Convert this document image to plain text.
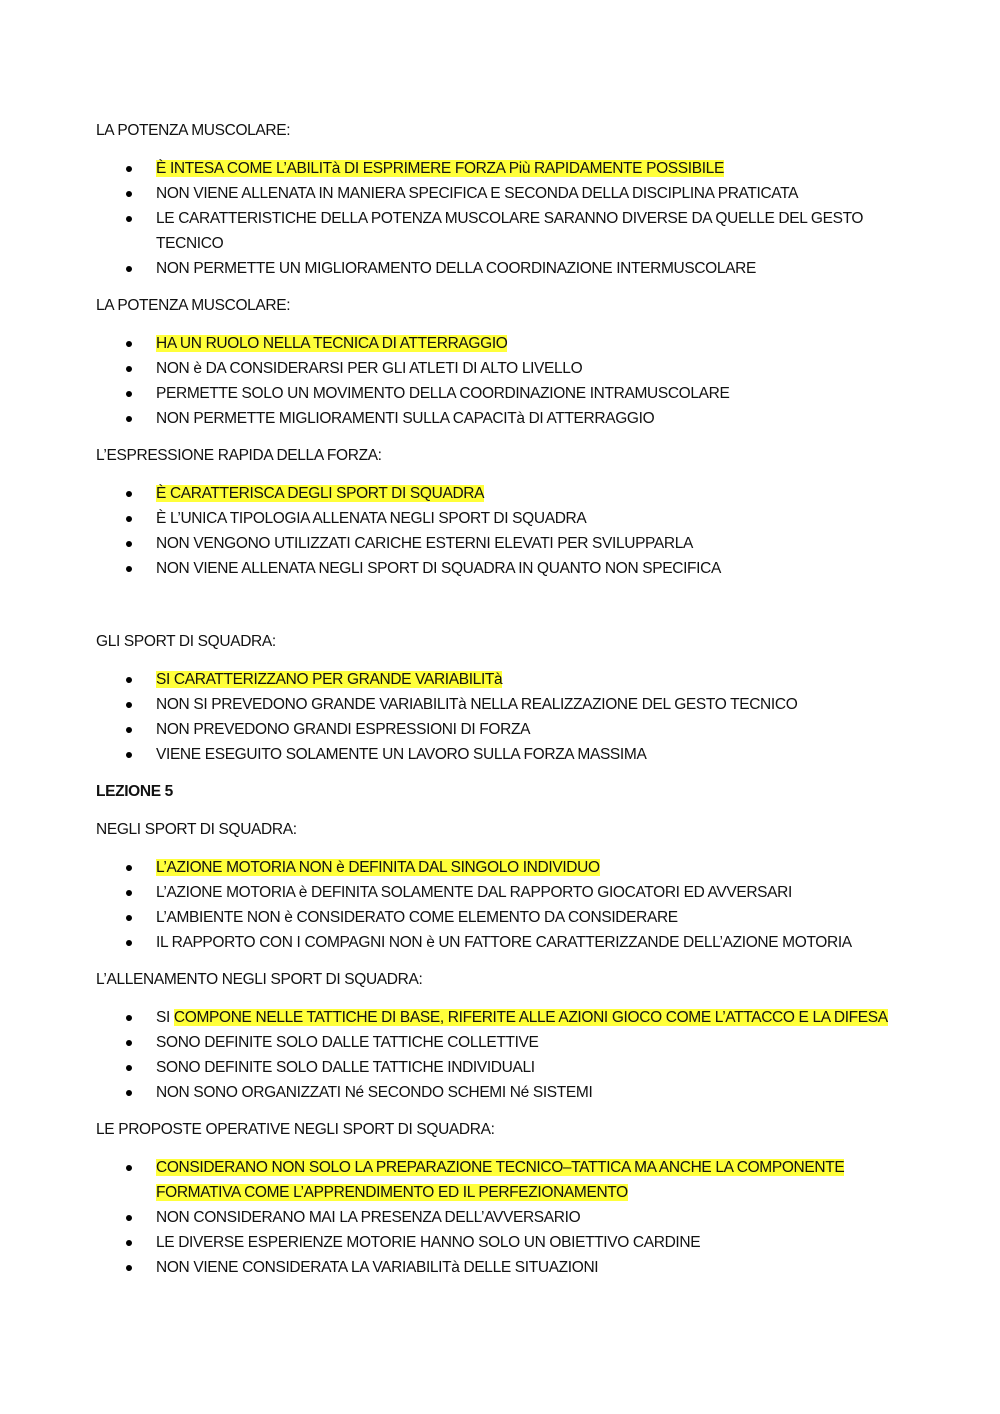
LA POTENZA MUSCOLARE:
È INTESA COME L’ABILITà DI ESPRIMERE FORZA Più RAPIDAMENTE POSSIBILE
NON VIENE ALLENATA IN MANIERA SPECIFICA E SECONDA DELLA DISCIPLINA PRATICATA
LE CARATTERISTICHE DELLA POTENZA MUSCOLARE SARANNO DIVERSE DA QUELLE DEL GESTO TECNICO
NON PERMETTE UN MIGLIORAMENTO DELLA COORDINAZIONE INTERMUSCOLARE
LA POTENZA MUSCOLARE:
HA UN RUOLO NELLA TECNICA DI ATTERRAGGIO
NON è DA CONSIDERARSI PER GLI ATLETI DI ALTO LIVELLO
PERMETTE SOLO UN MOVIMENTO DELLA COORDINAZIONE INTRAMUSCOLARE
NON PERMETTE MIGLIORAMENTI SULLA CAPACITà DI ATTERRAGGIO
L’ESPRESSIONE RAPIDA DELLA FORZA:
È CARATTERISCA DEGLI SPORT DI SQUADRA
È L’UNICA TIPOLOGIA ALLENATA NEGLI SPORT DI SQUADRA
NON VENGONO UTILIZZATI CARICHE ESTERNI ELEVATI PER SVILUPPARLA
NON VIENE ALLENATA NEGLI SPORT DI SQUADRA IN QUANTO NON SPECIFICA
GLI SPORT DI SQUADRA:
SI CARATTERIZZANO PER GRANDE VARIABILITà
NON SI PREVEDONO GRANDE VARIABILITà NELLA REALIZZAZIONE DEL GESTO TECNICO
NON PREVEDONO GRANDI ESPRESSIONI DI FORZA
VIENE ESEGUITO SOLAMENTE UN LAVORO SULLA FORZA MASSIMA
LEZIONE 5
NEGLI SPORT DI SQUADRA:
L’AZIONE MOTORIA NON è DEFINITA DAL SINGOLO INDIVIDUO
L’AZIONE MOTORIA è DEFINITA SOLAMENTE DAL RAPPORTO GIOCATORI ED AVVERSARI
L’AMBIENTE NON è CONSIDERATO COME ELEMENTO DA CONSIDERARE
IL RAPPORTO CON I COMPAGNI NON è UN FATTORE CARATTERIZZANDE DELL’AZIONE MOTORIA
L’ALLENAMENTO NEGLI SPORT DI SQUADRA:
SI COMPONE NELLE TATTICHE DI BASE, RIFERITE ALLE AZIONI GIOCO COME L’ATTACCO E LA DIFESA
SONO DEFINITE SOLO DALLE TATTICHE COLLETTIVE
SONO DEFINITE SOLO DALLE TATTICHE INDIVIDUALI
NON SONO ORGANIZZATI Né SECONDO SCHEMI Né SISTEMI
LE PROPOSTE OPERATIVE NEGLI SPORT DI SQUADRA:
CONSIDERANO NON SOLO LA PREPARAZIONE TECNICO–TATTICA MA ANCHE LA COMPONENTE FORMATIVA COME L’APPRENDIMENTO ED IL PERFEZIONAMENTO
NON CONSIDERANO MAI LA PRESENZA DELL’AVVERSARIO
LE DIVERSE ESPERIENZE MOTORIE HANNO SOLO UN OBIETTIVO CARDINE
NON VIENE CONSIDERATA LA VARIABILITà DELLE SITUAZIONI
